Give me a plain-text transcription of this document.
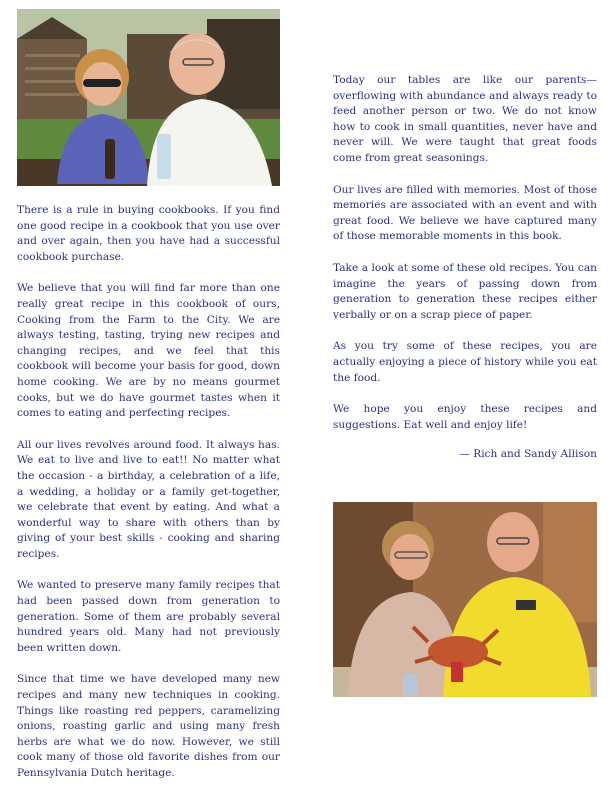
There is a rule in buying cookbooks. If you find one good recipe in a cookbook that you use over and over again, then you have had a successful cookbook purchase.

We believe that you will find far more than one really great recipe in this cookbook of ours, Cooking from the Farm to the City. We are always testing, tasting, trying new recipes and changing recipes, and we feel that this cookbook will become your basis for good, down home cooking. We are by no means gourmet cooks, but we do have gourmet tastes when it comes to eating and perfecting recipes.

All our lives revolves around food. It always has. We eat to live and live to eat!! No matter what the occasion - a birthday, a celebration of a life, a wedding, a holiday or a family get-together, we celebrate that event by eating. And what a wonderful way to share with others than by giving of your best skills - cooking and sharing recipes.

We wanted to preserve many family recipes that had been passed down from generation to generation. Some of them are probably several hundred years old. Many had not previously been written down.

Since that time we have developed many new recipes and many new techniques in cooking. Things like roasting red peppers, caramelizing onions, roasting garlic and using many fresh herbs are what we do now. However, we still cook many of those old favorite dishes from our Pennsylvania Dutch heritage.

Today our tables are like our parents—overflowing with abundance and always ready to feed another person or two. We do not know how to cook in small quantities, never have and never will. We were taught that great foods come from great seasonings.

Our lives are filled with memories. Most of those memories are associated with an event and with great food. We believe we have captured many of those memorable moments in this book.

Take a look at some of these old recipes. You can imagine the years of passing down from generation to generation these recipes either verbally or on a scrap piece of paper.

As you try some of these recipes, you are actually enjoying a piece of history while you eat the food.

We hope you enjoy these recipes and suggestions. Eat well and enjoy life!

— Rich and Sandy Allison
